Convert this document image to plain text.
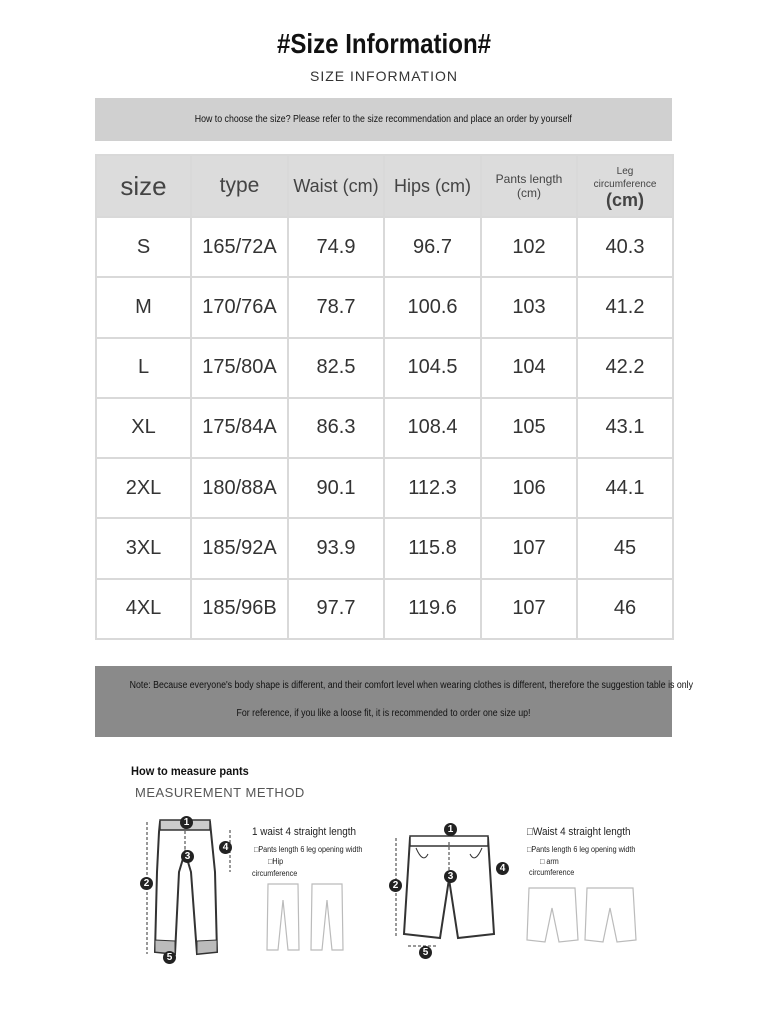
#Size Information#
SIZE INFORMATION
How to choose the size? Please refer to the size recommendation and place an order by yourself
size	type	Waist (cm)	Hips (cm)	Pants length (cm)	Leg
circumference
(cm)

S	165/72A	74.9	96.7	102	40.3
M	170/76A	78.7	100.6	103	41.2
L	175/80A	82.5	104.5	104	42.2
XL	175/84A	86.3	108.4	105	43.1
2XL	180/88A	90.1	112.3	106	44.1
3XL	185/92A	93.9	115.8	107	45
4XL	185/96B	97.7	119.6	107	46
Note: Because everyone's body shape is different, and their comfort level when wearing clothes is different, therefore the suggestion table is only
For reference, if you like a loose fit, it is recommended to order one size up!
How to measure pants
MEASUREMENT METHOD
1
2
3
4
5
1 waist 4 straight length
□Pants length 6 leg opening width
□Hip
circumference
1
2
3
4
5
□Waist 4 straight length
□Pants length 6 leg opening width
□ arm
circumference
